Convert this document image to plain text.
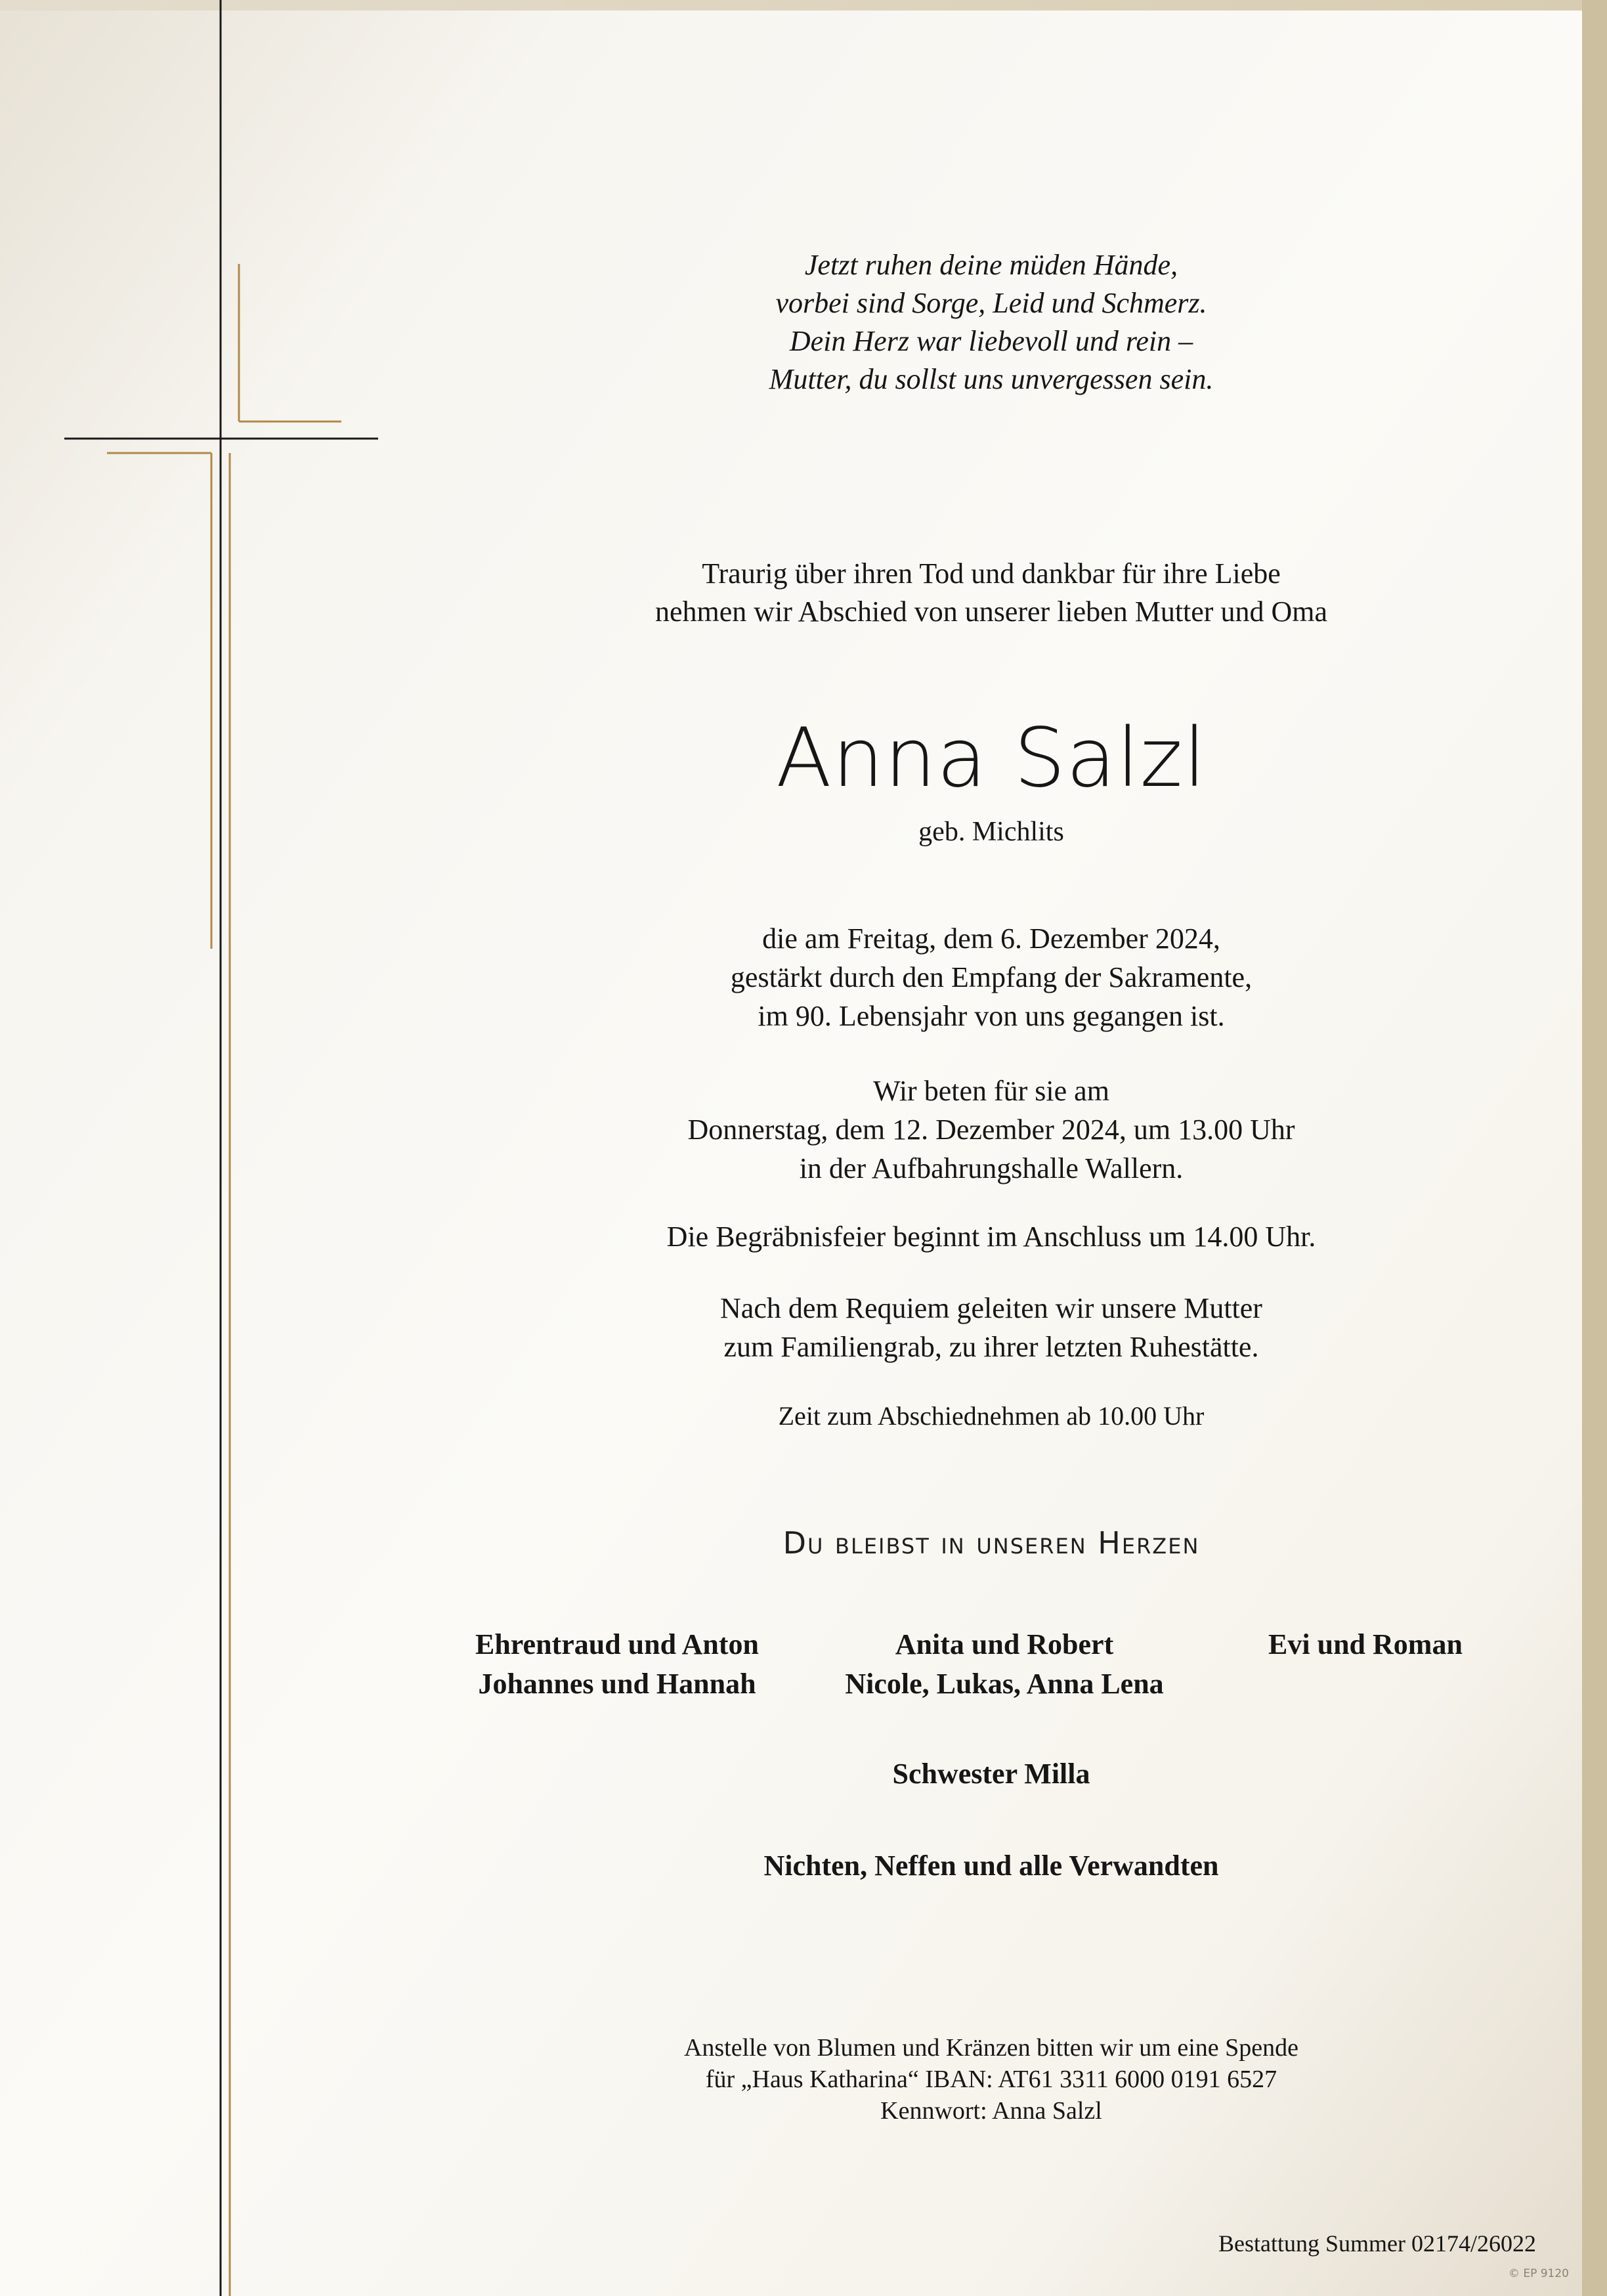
Jetzt ruhen deine müden Hände,
vorbei sind Sorge, Leid und Schmerz.
Dein Herz war liebevoll und rein –
Mutter, du sollst uns unvergessen sein.
Traurig über ihren Tod und dankbar für ihre Liebe
nehmen wir Abschied von unserer lieben Mutter und Oma
Anna Salzl
geb. Michlits
die am Freitag, dem 6. Dezember 2024,
gestärkt durch den Empfang der Sakramente,
im 90. Lebensjahr von uns gegangen ist.
Wir beten für sie am
Donnerstag, dem 12. Dezember 2024, um 13.00 Uhr
in der Aufbahrungshalle Wallern.
Die Begräbnisfeier beginnt im Anschluss um 14.00 Uhr.
Nach dem Requiem geleiten wir unsere Mutter
zum Familiengrab, zu ihrer letzten Ruhestätte.
Zeit zum Abschiednehmen ab 10.00 Uhr
Du bleibst in unseren Herzen
Ehrentraud und Anton
Johannes und Hannah
Anita und Robert
Nicole, Lukas, Anna Lena
Evi und Roman
Schwester Milla
Nichten, Neffen und alle Verwandten
Anstelle von Blumen und Kränzen bitten wir um eine Spende
für „Haus Katharina“ IBAN: AT61 3311 6000 0191 6527
Kennwort: Anna Salzl
Bestattung Summer 02174/26022
© EP 9120
